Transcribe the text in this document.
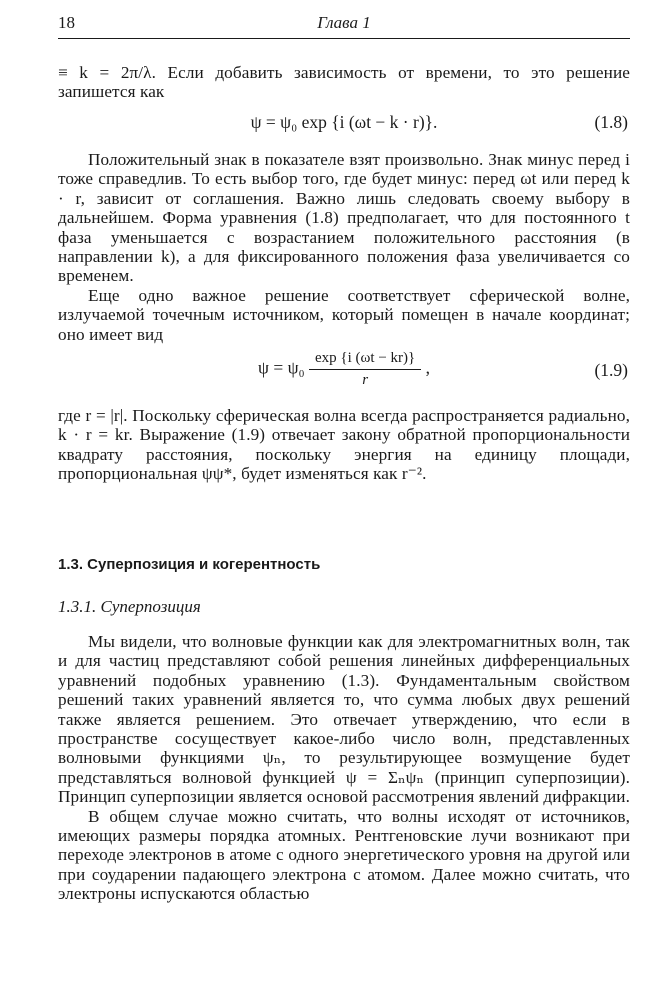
18	Глава 1

≡ k = 2π/λ. Если добавить зависимость от времени, то это решение запишется как

ψ = ψ₀ exp {i (ωt − k · r)}.	(1.8)

Положительный знак в показателе взят произвольно. Знак минус перед i тоже справедлив. То есть выбор того, где будет минус: перед ωt или перед k · r, зависит от соглашения. Важно лишь следовать своему выбору в дальнейшем. Форма уравнения (1.8) предполагает, что для постоянного t фаза уменьшается с возрастанием положительного расстояния (в направлении k), а для фиксированного положения фаза увеличивается со временем.

Еще одно важное решение соответствует сферической волне, излучаемой точечным источником, который помещен в начале координат; оно имеет вид

$\psi = \psi_0 \frac{\exp \{i (\omega t - kr)\}}{r}$ ,	(1.9)

где r = |r|. Поскольку сферическая волна всегда распространяется радиально, k · r = kr. Выражение (1.9) отвечает закону обратной пропорциональности квадрату расстояния, поскольку энергия на единицу площади, пропорциональная ψψ*, будет изменяться как r⁻².

1.3. Суперпозиция и когерентность
1.3.1. Суперпозиция

Мы видели, что волновые функции как для электромагнитных волн, так и для частиц представляют собой решения линейных дифференциальных уравнений подобных уравнению (1.3). Фундаментальным свойством решений таких уравнений является то, что сумма любых двух решений также является решением. Это отвечает утверждению, что если в пространстве сосуществует какое-либо число волн, представленных волновыми функциями ψₙ, то результирующее возмущение будет представляться волновой функцией ψ = Σₙψₙ (принцип суперпозиции). Принцип суперпозиции является основой рассмотрения явлений дифракции.

В общем случае можно считать, что волны исходят от источников, имеющих размеры порядка атомных. Рентгеновские лучи возникают при переходе электронов в атоме с одного энергетического уровня на другой или при соударении падающего электрона с атомом. Далее можно считать, что электроны испускаются областью
